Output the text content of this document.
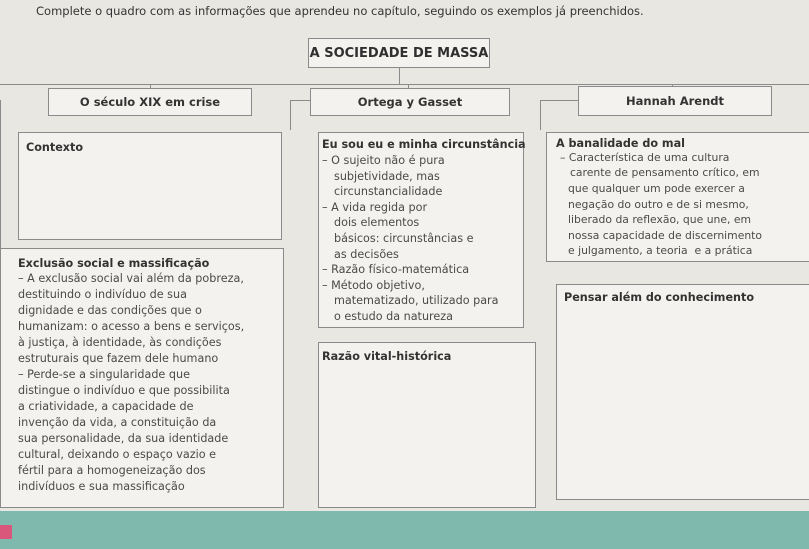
Complete o quadro com as informações que aprendeu no capítulo, seguindo os exemplos já preenchidos.
A SOCIEDADE DE MASSA
O século XIX em crise	Ortega y Gasset	Hannah Arendt
Contexto
Exclusão social e massificação
– A exclusão social vai além da pobreza,
destituindo o indivíduo de sua
dignidade e das condições que o
humanizam: o acesso a bens e serviços,
à justiça, à identidade, às condições
estruturais que fazem dele humano
– Perde-se a singularidade que
distingue o indivíduo e que possibilita
a criatividade, a capacidade de
invenção da vida, a constituição da
sua personalidade, da sua identidade
cultural, deixando o espaço vazio e
fértil para a homogeneização dos
indivíduos e sua massificação
Eu sou eu e minha circunstância
– O sujeito não é pura
subjetividade, mas
circunstancialidade
– A vida regida por
dois elementos
básicos: circunstâncias e
as decisões
– Razão físico-matemática
– Método objetivo,
matematizado, utilizado para
o estudo da natureza
Razão vital-histórica
A banalidade do mal
– Característica de uma cultura
carente de pensamento crítico, em
que qualquer um pode exercer a
negação do outro e de si mesmo,
liberado da reflexão, que une, em
nossa capacidade de discernimento
e julgamento, a teoria  e a prática
Pensar além do conhecimento
